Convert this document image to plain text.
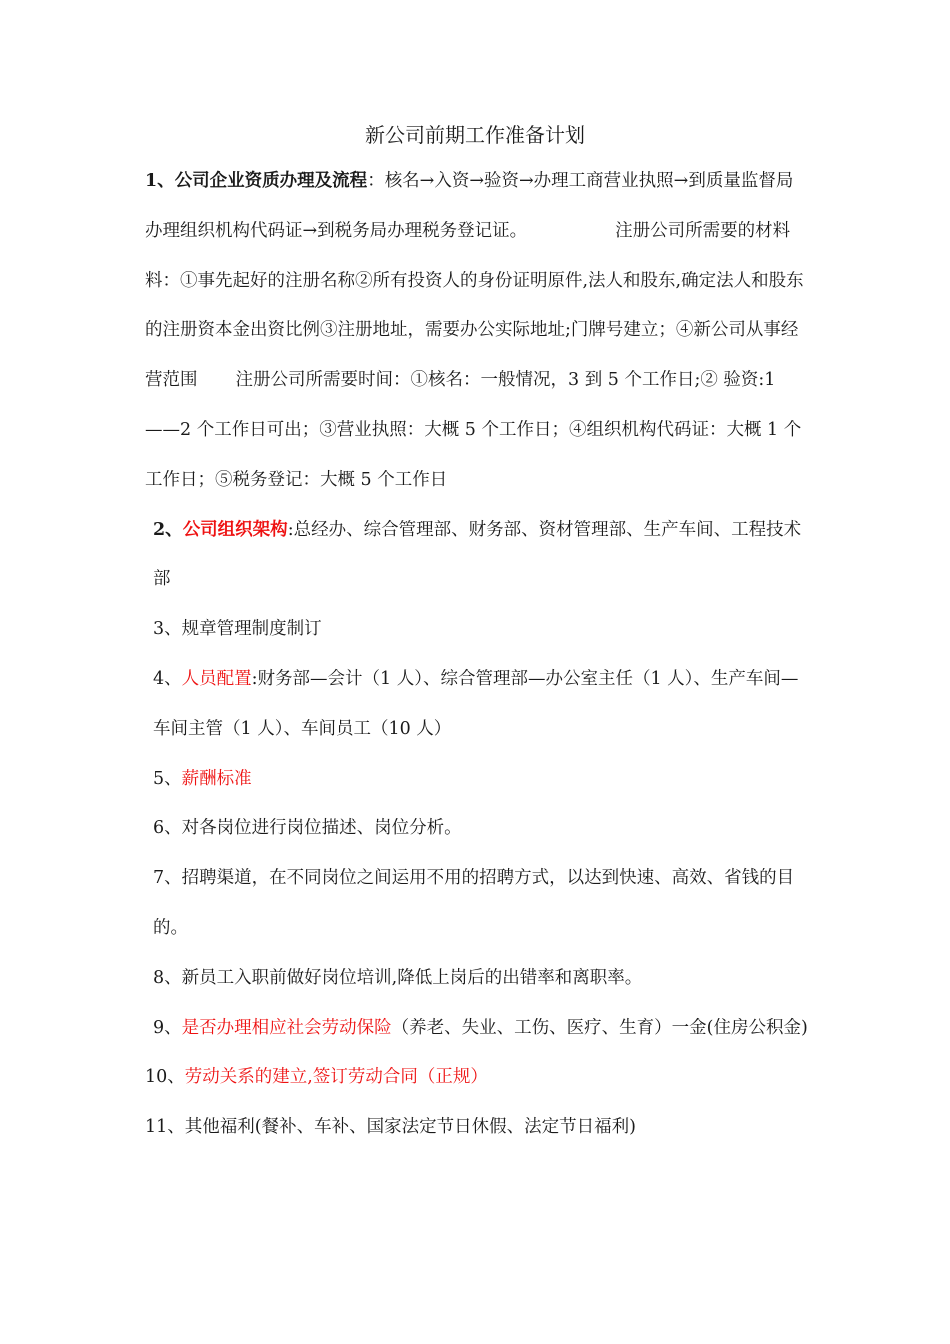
新公司前期工作准备计划

1、公司企业资质办理及流程：核名→入资→验资→办理工商营业执照→到质量监督局办理组织机构代码证→到税务局办理税务登记证。	注册公司所需要的材料料：①事先起好的注册名称②所有投资人的身份证明原件,法人和股东,确定法人和股东的注册资本金出资比例③注册地址，需要办公实际地址;门牌号建立；④新公司从事经营范围 注册公司所需要时间：①核名：一般情况，3 到 5 个工作日;② 验资:1——2 个工作日可出；③营业执照：大概 5 个工作日；④组织机构代码证：大概 1 个工作日；⑤税务登记：大概 5 个工作日

2、公司组织架构:总经办、综合管理部、财务部、资材管理部、生产车间、工程技术部

3、规章管理制度制订

4、人员配置:财务部—会计（1 人）、综合管理部—办公室主任（1 人）、生产车间—车间主管（1 人）、车间员工（10 人）

5、薪酬标准

6、对各岗位进行岗位描述、岗位分析。

7、招聘渠道，在不同岗位之间运用不用的招聘方式，以达到快速、高效、省钱的目的。

8、新员工入职前做好岗位培训,降低上岗后的出错率和离职率。

9、是否办理相应社会劳动保险（养老、失业、工伤、医疗、生育）一金(住房公积金)

10、劳动关系的建立,签订劳动合同（正规）

11、其他福利(餐补、车补、国家法定节日休假、法定节日福利)
